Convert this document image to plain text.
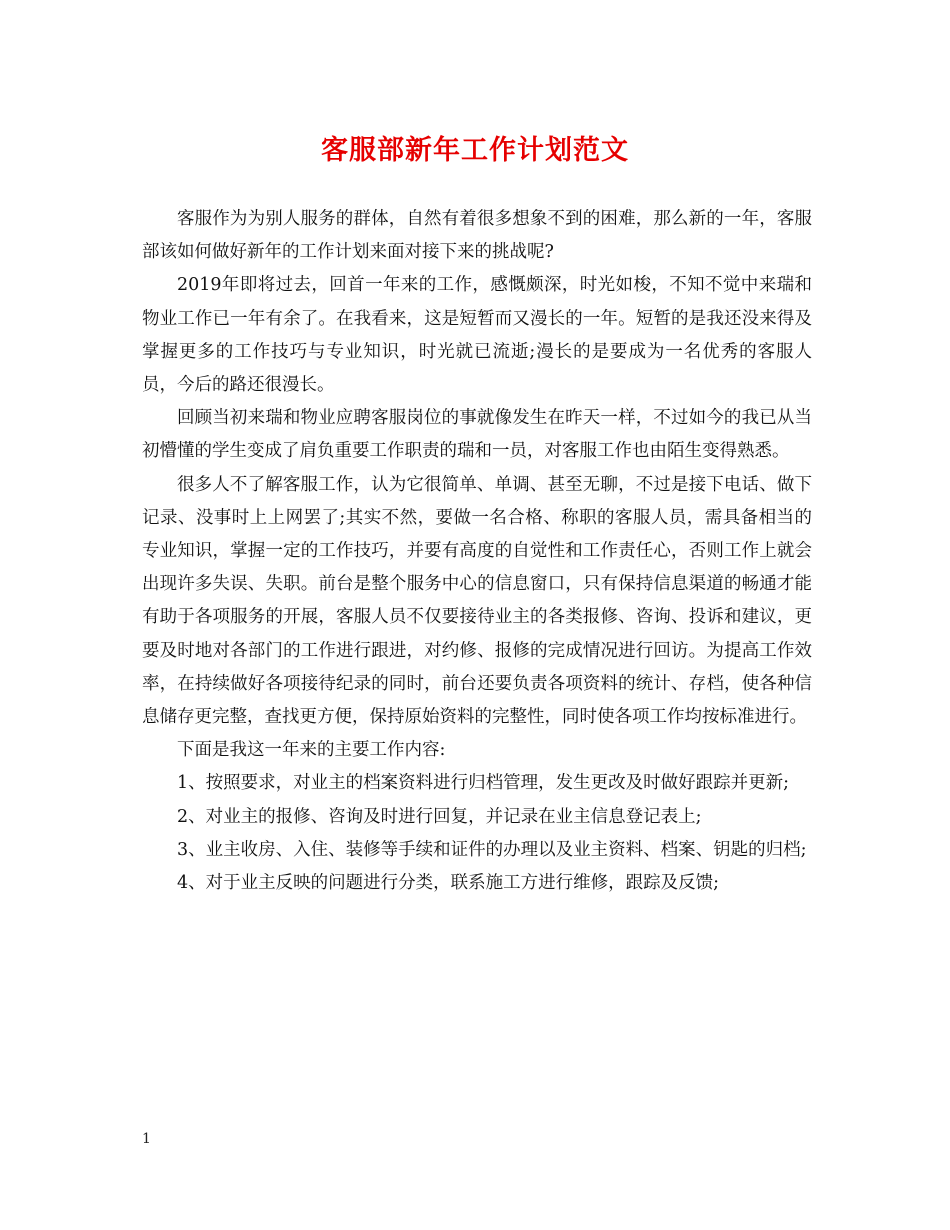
客服部新年工作计划范文

客服作为为别人服务的群体，自然有着很多想象不到的困难，那么新的一年，客服部该如何做好新年的工作计划来面对接下来的挑战呢?

2019年即将过去，回首一年来的工作，感慨颇深，时光如梭，不知不觉中来瑞和物业工作已一年有余了。在我看来，这是短暂而又漫长的一年。短暂的是我还没来得及掌握更多的工作技巧与专业知识，时光就已流逝;漫长的是要成为一名优秀的客服人员，今后的路还很漫长。

回顾当初来瑞和物业应聘客服岗位的事就像发生在昨天一样，不过如今的我已从当初懵懂的学生变成了肩负重要工作职责的瑞和一员，对客服工作也由陌生变得熟悉。

很多人不了解客服工作，认为它很简单、单调、甚至无聊，不过是接下电话、做下记录、没事时上上网罢了;其实不然，要做一名合格、称职的客服人员，需具备相当的专业知识，掌握一定的工作技巧，并要有高度的自觉性和工作责任心，否则工作上就会出现许多失误、失职。前台是整个服务中心的信息窗口，只有保持信息渠道的畅通才能有助于各项服务的开展，客服人员不仅要接待业主的各类报修、咨询、投诉和建议，更要及时地对各部门的工作进行跟进，对约修、报修的完成情况进行回访。为提高工作效率，在持续做好各项接待纪录的同时，前台还要负责各项资料的统计、存档，使各种信息储存更完整，查找更方便，保持原始资料的完整性，同时使各项工作均按标准进行。

下面是我这一年来的主要工作内容:

1、按照要求，对业主的档案资料进行归档管理，发生更改及时做好跟踪并更新;

2、对业主的报修、咨询及时进行回复，并记录在业主信息登记表上;

3、业主收房、入住、装修等手续和证件的办理以及业主资料、档案、钥匙的归档;

4、对于业主反映的问题进行分类，联系施工方进行维修，跟踪及反馈;

1
